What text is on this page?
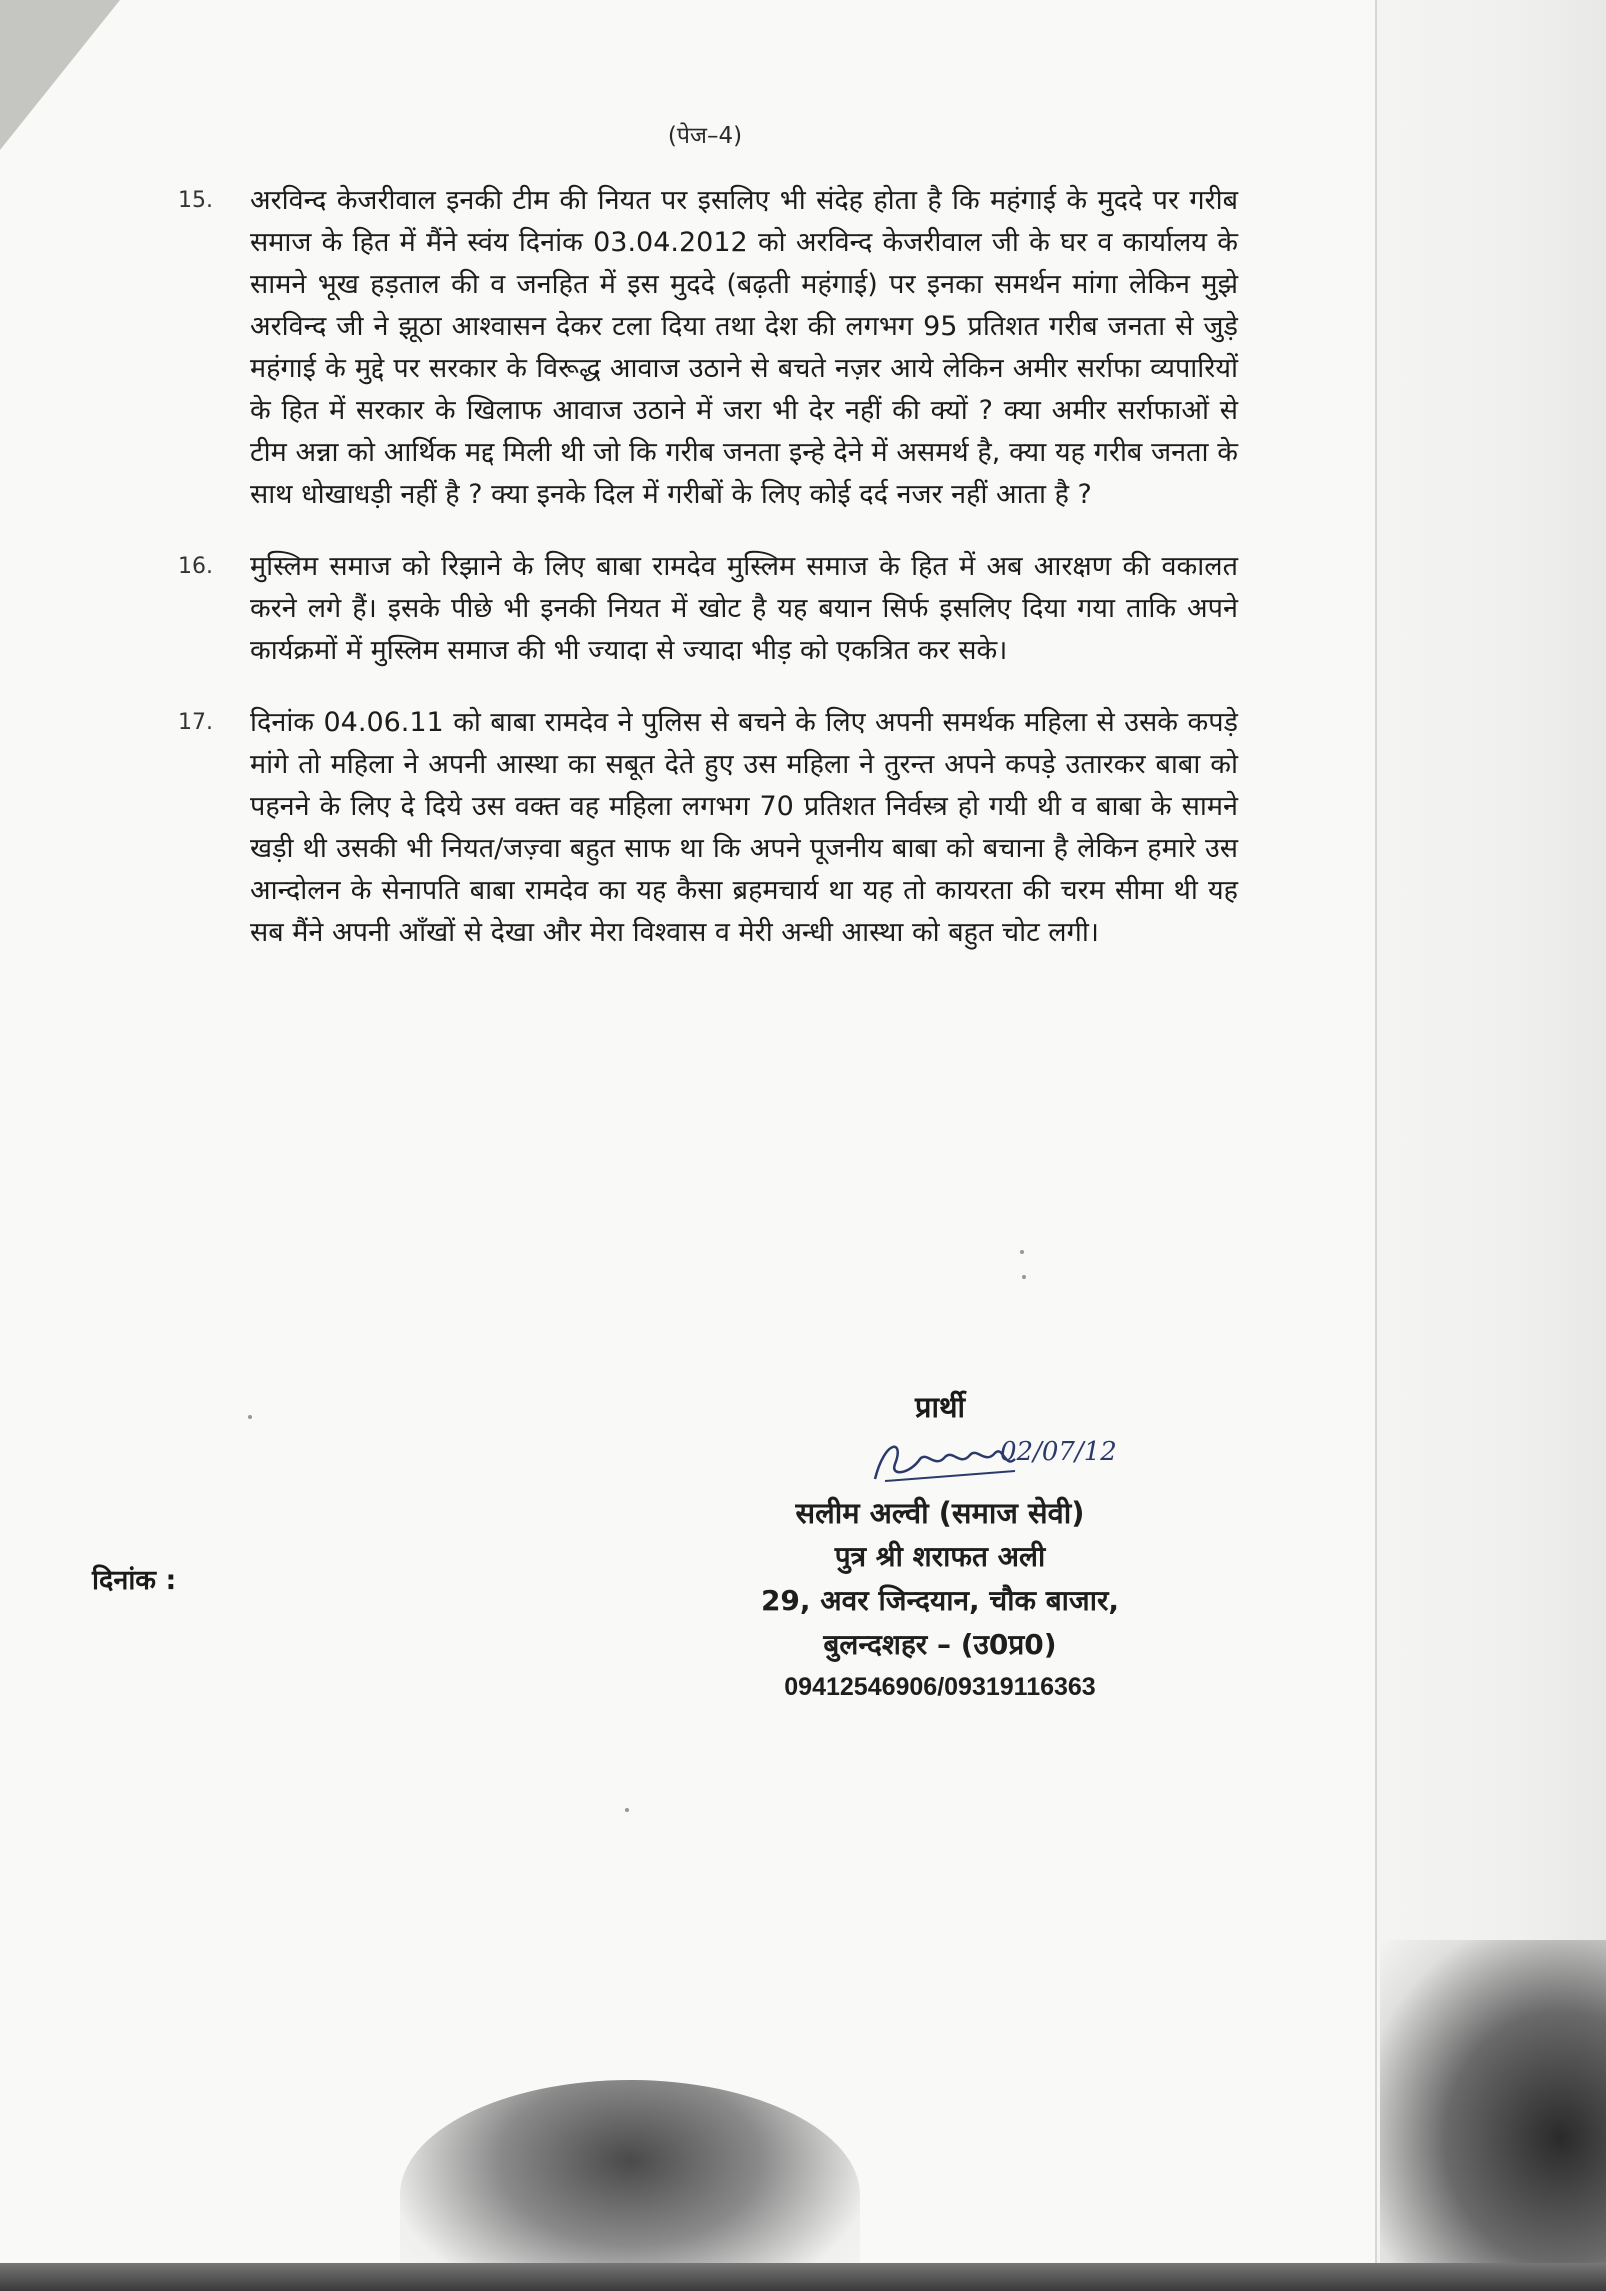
(पेज–4)
15. अरविन्द केजरीवाल इनकी टीम की नियत पर इसलिए भी संदेह होता है कि महंगाई के मुददे पर गरीब समाज के हित में मैंने स्वंय दिनांक 03.04.2012 को अरविन्द केजरीवाल जी के घर व कार्यालय के सामने भूख हड़ताल की व जनहित में इस मुददे (बढ़ती महंगाई) पर इनका समर्थन मांगा लेकिन मुझे अरविन्द जी ने झूठा आश्वासन देकर टला दिया तथा देश की लगभग 95 प्रतिशत गरीब जनता से जुड़े महंगाई के मुद्दे पर सरकार के विरूद्ध आवाज उठाने से बचते नज़र आये लेकिन अमीर सर्राफा व्यपारियों के हित में सरकार के खिलाफ आवाज उठाने में जरा भी देर नहीं की क्यों ? क्या अमीर सर्राफाओं से टीम अन्ना को आर्थिक मद्द मिली थी जो कि गरीब जनता इन्हे देने में असमर्थ है, क्या यह गरीब जनता के साथ धोखाधड़ी नहीं है ? क्या इनके दिल में गरीबों के लिए कोई दर्द नजर नहीं आता है ?
16. मुस्लिम समाज को रिझाने के लिए बाबा रामदेव मुस्लिम समाज के हित में अब आरक्षण की वकालत करने लगे हैं। इसके पीछे भी इनकी नियत में खोट है यह बयान सिर्फ इसलिए दिया गया ताकि अपने कार्यक्रमों में मुस्लिम समाज की भी ज्यादा से ज्यादा भीड़ को एकत्रित कर सके।
17. दिनांक 04.06.11 को बाबा रामदेव ने पुलिस से बचने के लिए अपनी समर्थक महिला से उसके कपड़े मांगे तो महिला ने अपनी आस्था का सबूत देते हुए उस महिला ने तुरन्त अपने कपड़े उतारकर बाबा को पहनने के लिए दे दिये उस वक्त वह महिला लगभग 70 प्रतिशत निर्वस्त्र हो गयी थी व बाबा के सामने खड़ी थी उसकी भी नियत/जज़्वा बहुत साफ था कि अपने पूजनीय बाबा को बचाना है लेकिन हमारे उस आन्दोलन के सेनापति बाबा रामदेव का यह कैसा ब्रहमचार्य था यह तो कायरता की चरम सीमा थी यह सब मैंने अपनी आँखों से देखा और मेरा विश्वास व मेरी अन्धी आस्था को बहुत चोट लगी।
प्रार्थी
02/07/12
सलीम अल्वी (समाज सेवी)
पुत्र श्री शराफत अली
29, अवर जिन्दयान, चौक बाजार,
बुलन्दशहर – (उ0प्र0)
09412546906/09319116363
दिनांक :
